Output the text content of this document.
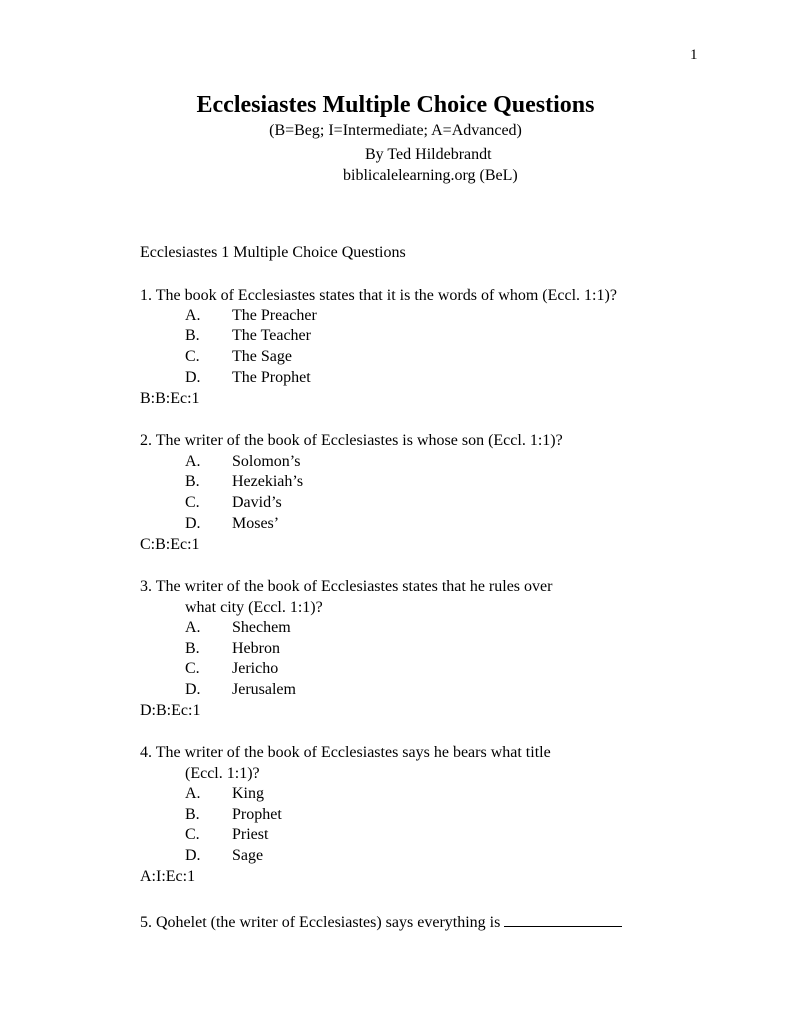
1
Ecclesiastes Multiple Choice Questions
(B=Beg; I=Intermediate; A=Advanced)
By Ted Hildebrandt
biblicalelearning.org (BeL)
Ecclesiastes 1 Multiple Choice Questions
1. The book of Ecclesiastes states that it is the words of whom (Eccl. 1:1)?
A. The Preacher
B. The Teacher
C. The Sage
D. The Prophet
B:B:Ec:1
2. The writer of the book of Ecclesiastes is whose son (Eccl. 1:1)?
A. Solomon’s
B. Hezekiah’s
C. David’s
D. Moses’
C:B:Ec:1
3. The writer of the book of Ecclesiastes states that he rules over
what city (Eccl. 1:1)?
A. Shechem
B. Hebron
C. Jericho
D. Jerusalem
D:B:Ec:1
4. The writer of the book of Ecclesiastes says he bears what title
(Eccl. 1:1)?
A. King
B. Prophet
C. Priest
D. Sage
A:I:Ec:1
5. Qohelet (the writer of Ecclesiastes) says everything is
